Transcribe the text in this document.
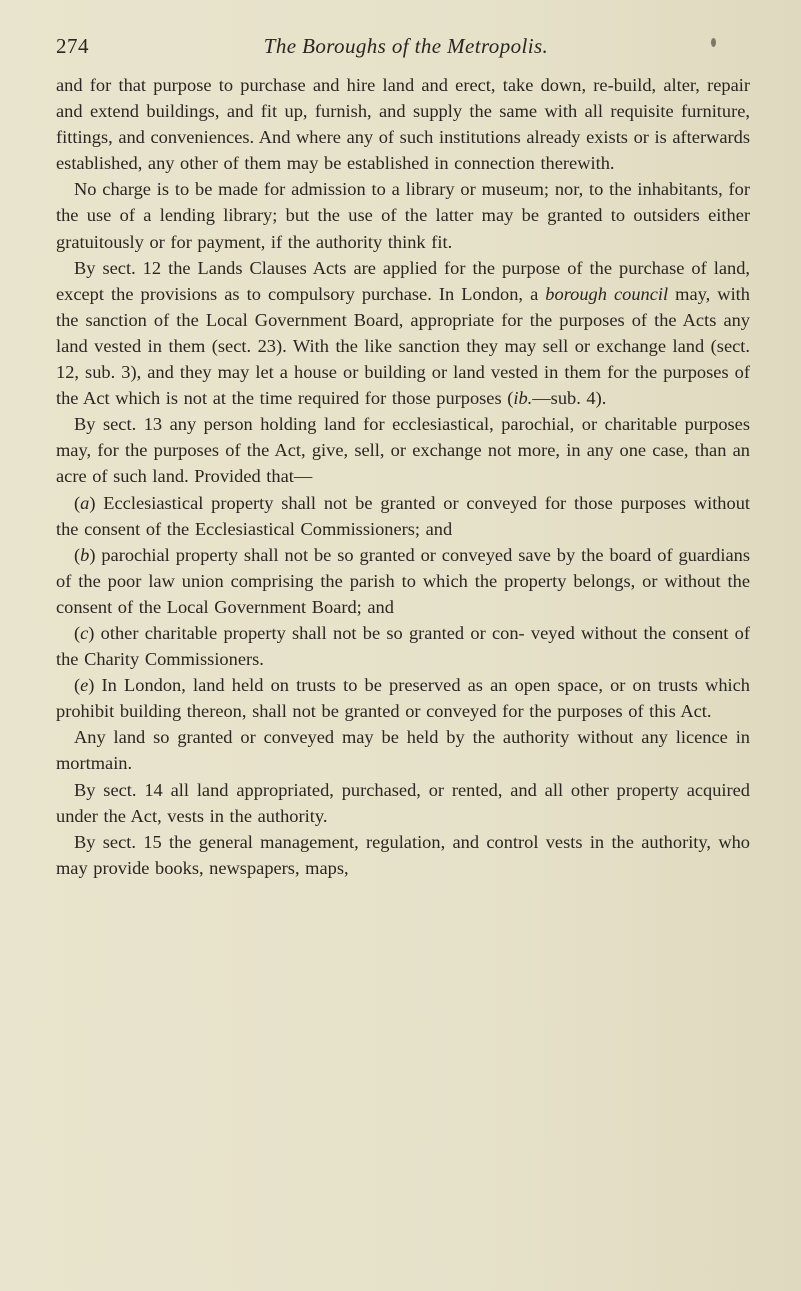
274	The Boroughs of the Metropolis.

and for that purpose to purchase and hire land and erect, take down, re-build, alter, repair and extend buildings, and fit up, furnish, and supply the same with all requisite furniture, fittings, and conveniences. And where any of such institutions already exists or is afterwards established, any other of them may be established in connection therewith.

No charge is to be made for admission to a library or museum; nor, to the inhabitants, for the use of a lending library; but the use of the latter may be granted to outsiders either gratuitously or for payment, if the authority think fit.

By sect. 12 the Lands Clauses Acts are applied for the purpose of the purchase of land, except the provisions as to compulsory purchase. In London, a borough council may, with the sanction of the Local Government Board, appropriate for the purposes of the Acts any land vested in them (sect. 23). With the like sanction they may sell or exchange land (sect. 12, sub. 3), and they may let a house or building or land vested in them for the purposes of the Act which is not at the time required for those purposes (ib.—sub. 4).

By sect. 13 any person holding land for ecclesiastical, parochial, or charitable purposes may, for the purposes of the Act, give, sell, or exchange not more, in any one case, than an acre of such land. Provided that—

(a) Ecclesiastical property shall not be granted or conveyed for those purposes without the consent of the Ecclesiastical Commissioners; and

(b) parochial property shall not be so granted or conveyed save by the board of guardians of the poor law union comprising the parish to which the property belongs, or without the consent of the Local Government Board; and

(c) other charitable property shall not be so granted or con- veyed without the consent of the Charity Commissioners.

(e) In London, land held on trusts to be preserved as an open space, or on trusts which prohibit building thereon, shall not be granted or conveyed for the purposes of this Act.

Any land so granted or conveyed may be held by the authority without any licence in mortmain.

By sect. 14 all land appropriated, purchased, or rented, and all other property acquired under the Act, vests in the authority.

By sect. 15 the general management, regulation, and control vests in the authority, who may provide books, newspapers, maps,
